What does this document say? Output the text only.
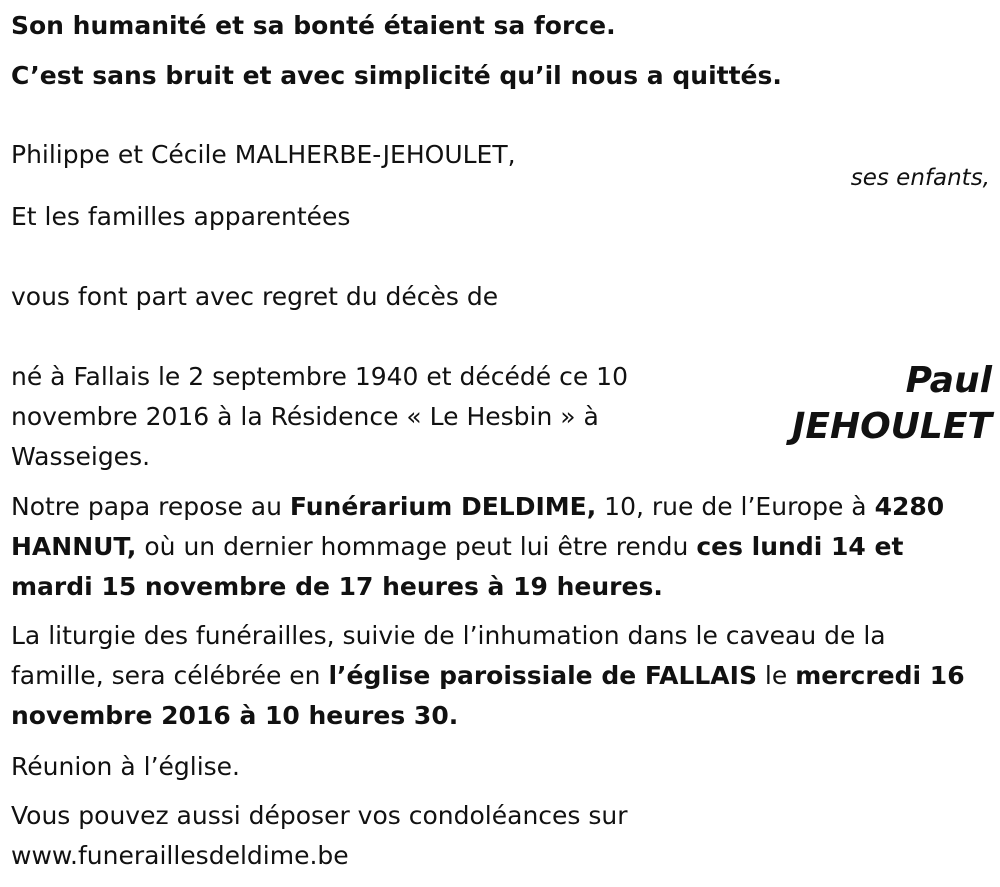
Son humanité et sa bonté étaient sa force.
C’est sans bruit et avec simplicité qu’il nous a quittés.
Philippe et Cécile MALHERBE-JEHOULET,
ses enfants,
Et les familles apparentées
vous font part avec regret du décès de
né à Fallais le 2 septembre 1940 et décédé ce 10 novembre 2016 à la Résidence « Le Hesbin » à Wasseiges.
Paul
JEHOULET
Notre papa repose au Funérarium DELDIME, 10, rue de l’Europe à 4280 HANNUT, où un dernier hommage peut lui être rendu ces lundi 14 et mardi 15 novembre de 17 heures à 19 heures.
La liturgie des funérailles, suivie de l’inhumation dans le caveau de la famille, sera célébrée en l’église paroissiale de FALLAIS le mercredi 16 novembre 2016 à 10 heures 30.
Réunion à l’église.
Vous pouvez aussi déposer vos condoléances sur
www.funeraillesdeldime.be
